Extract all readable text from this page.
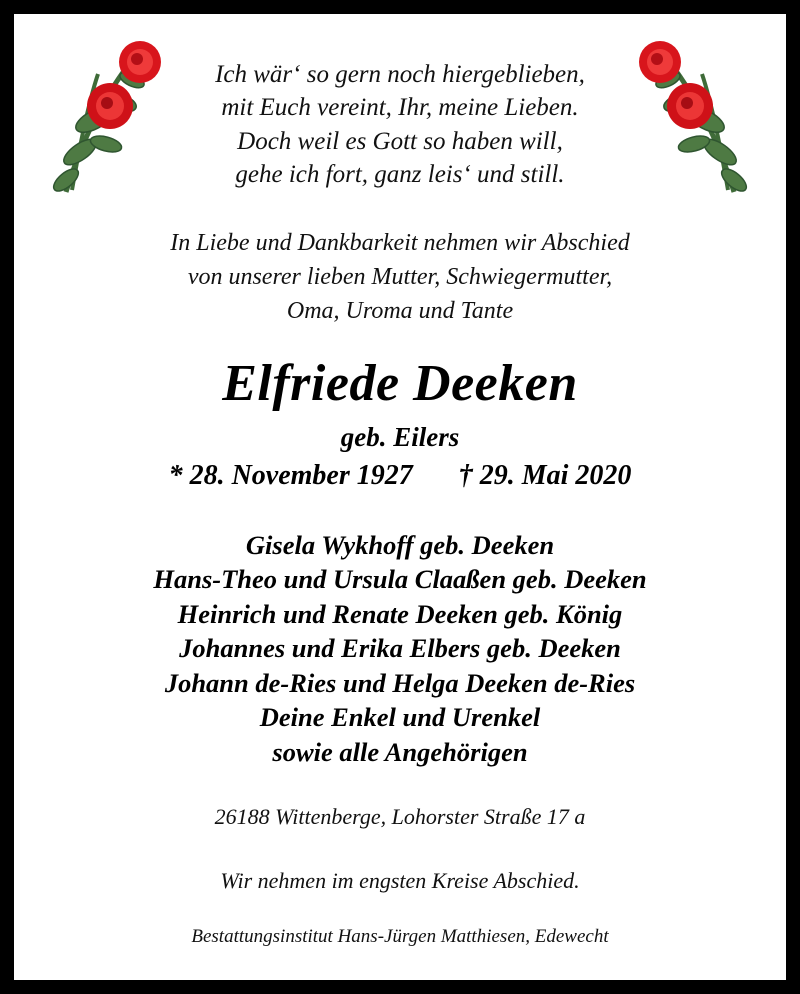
Ich wär‘ so gern noch hiergeblieben,
mit Euch vereint, Ihr, meine Lieben.
Doch weil es Gott so haben will,
gehe ich fort, ganz leis‘ und still.
In Liebe und Dankbarkeit nehmen wir Abschied
von unserer lieben Mutter, Schwiegermutter,
Oma, Uroma und Tante
Elfriede Deeken
geb. Eilers
* 28. November 1927 † 29. Mai 2020
Gisela Wykhoff geb. Deeken
Hans-Theo und Ursula Claaßen geb. Deeken
Heinrich und Renate Deeken geb. König
Johannes und Erika Elbers geb. Deeken
Johann de-Ries und Helga Deeken de-Ries
Deine Enkel und Urenkel
sowie alle Angehörigen
26188 Wittenberge, Lohorster Straße 17 a
Wir nehmen im engsten Kreise Abschied.
Bestattungsinstitut Hans-Jürgen Matthiesen, Edewecht
